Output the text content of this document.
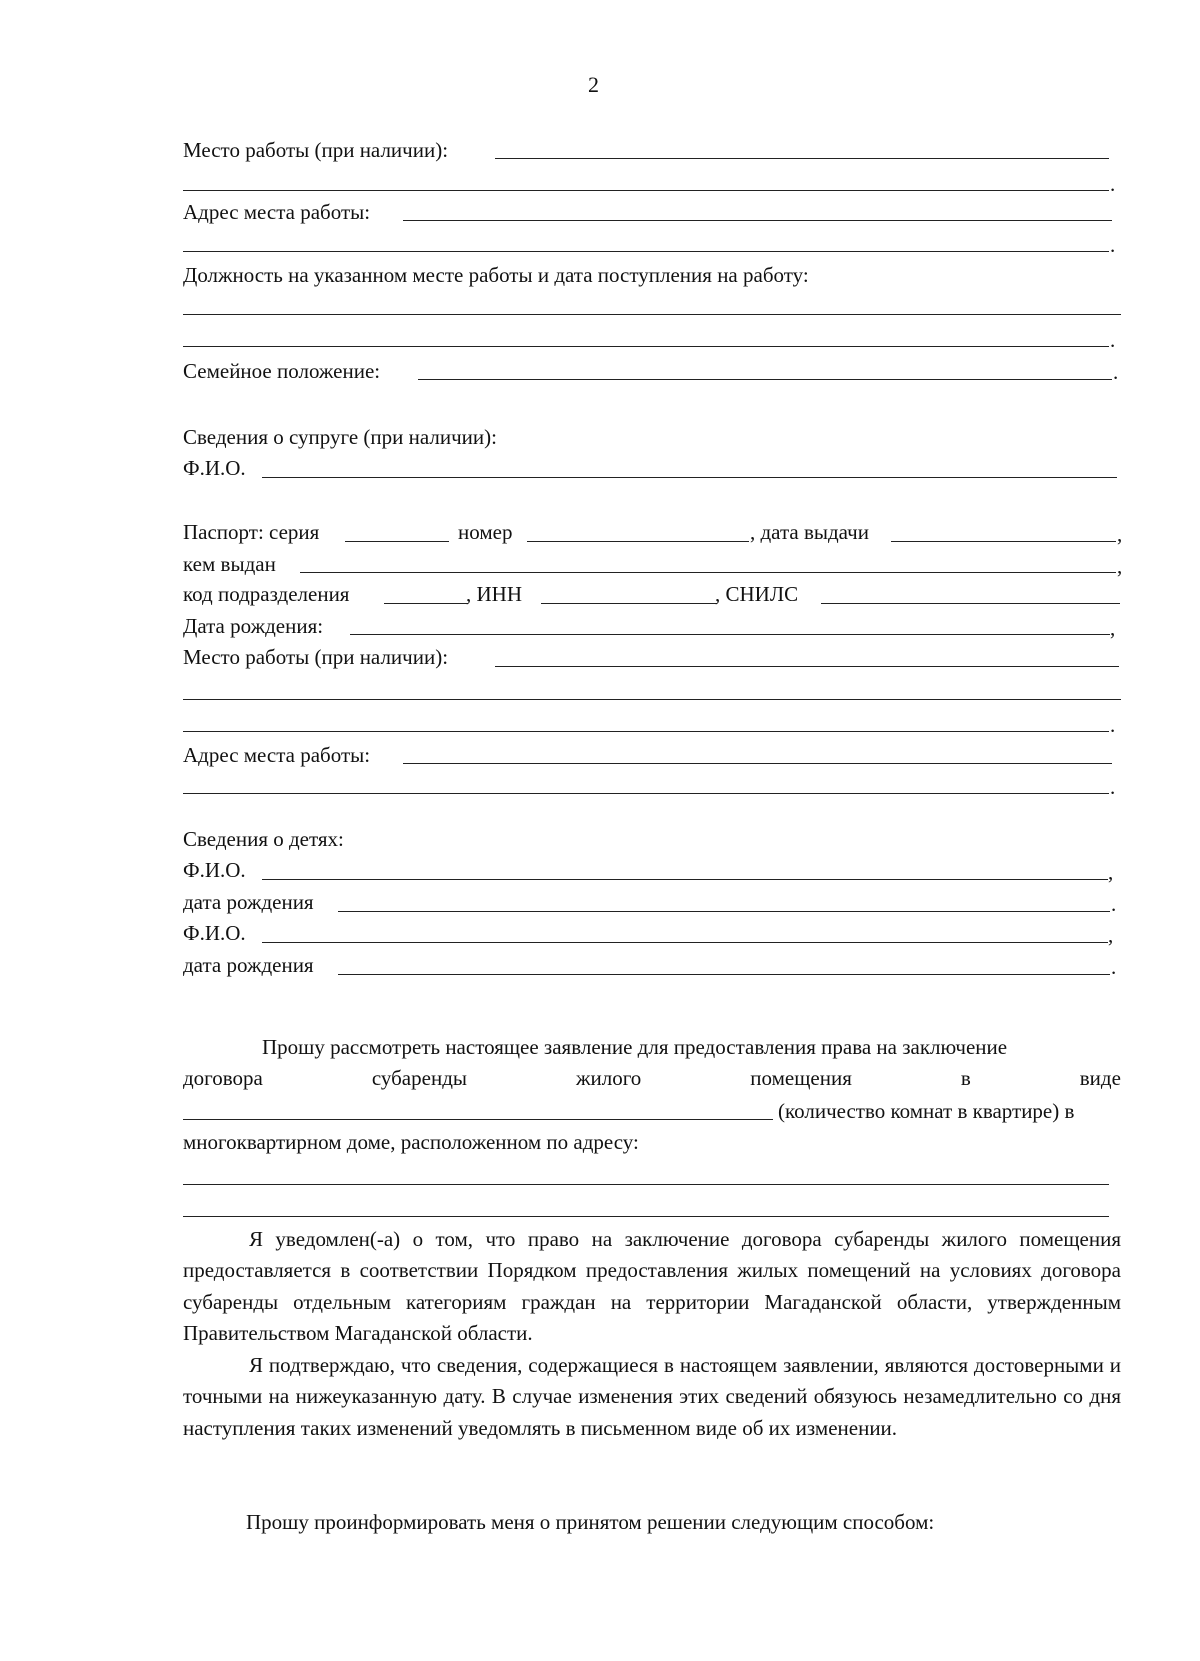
2
Место работы (при наличии):
.
Адрес места работы:
.
Должность на указанном месте работы и дата поступления на работу:
.
Семейное положение:	.
Сведения о супруге (при наличии):
Ф.И.О.
Паспорт: серия	номер	, дата выдачи	,
кем выдан	,
код подразделения	, ИНН	, СНИЛС
Дата рождения:	,
Место работы (при наличии):
.
Адрес места работы:
.
Сведения о детях:
Ф.И.О.	,
дата рождения	.
Ф.И.О.	,
дата рождения	.
Прошу рассмотреть настоящее заявление для предоставления права на заключение
договора	субаренды	жилого	помещения	в	виде
(количество комнат в квартире) в
многоквартирном доме, расположенном по адресу:
Я уведомлен(-а) о том, что право на заключение договора субаренды жилого помещения предоставляется в соответствии Порядком предоставления жилых помещений на условиях договора субаренды отдельным категориям граждан на территории Магаданской области, утвержденным Правительством Магаданской области.
Я подтверждаю, что сведения, содержащиеся в настоящем заявлении, являются достоверными и точными на нижеуказанную дату. В случае изменения этих сведений обязуюсь незамедлительно со дня наступления таких изменений уведомлять в письменном виде об их изменении.
Прошу проинформировать меня о принятом решении следующим способом:
